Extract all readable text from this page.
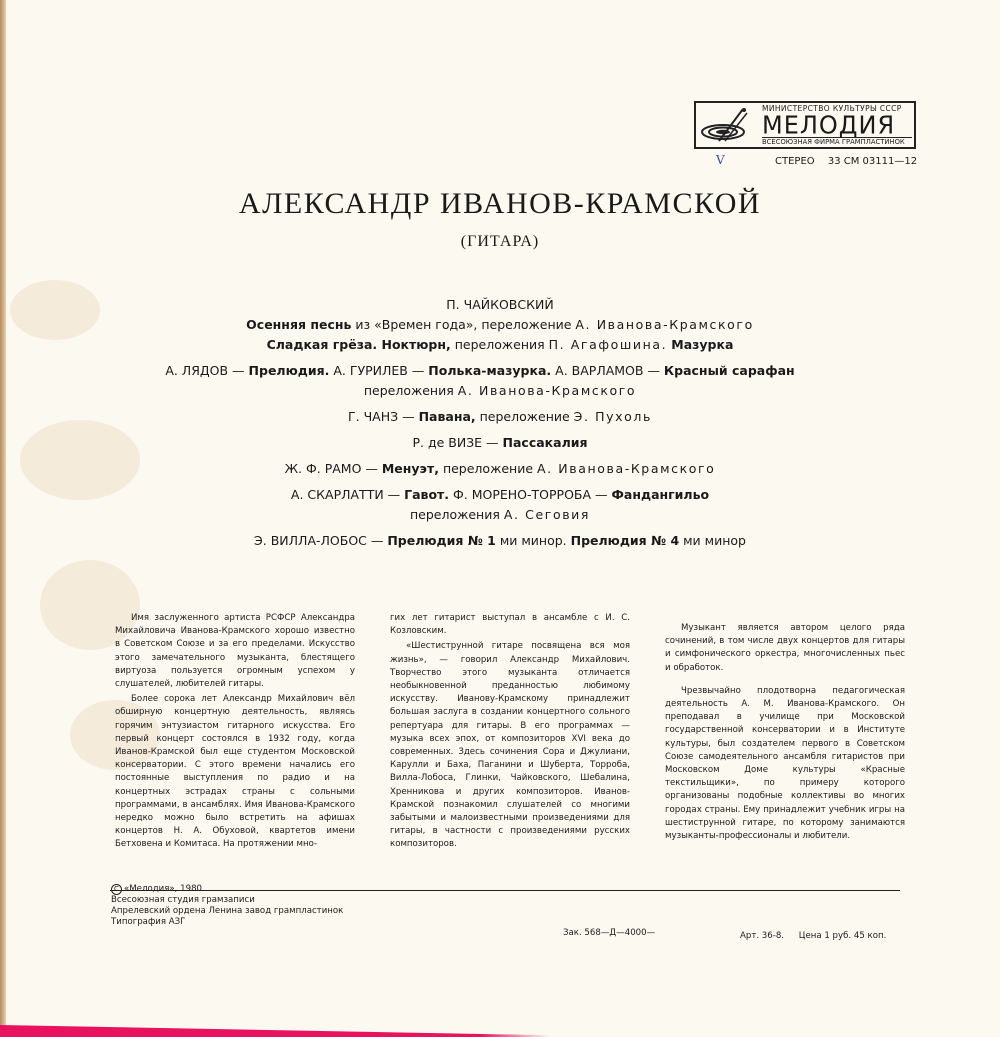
МИНИСТЕРСТВО КУЛЬТУРЫ СССР
МЕЛОДИЯ
ВСЕСОЮЗНАЯ ФИРМА ГРАМПЛАСТИНОК
V	СТЕРЕО 33 СМ 03111—12
АЛЕКСАНДР ИВАНОВ-КРАМСКОЙ
(ГИТАРА)
П. ЧАЙКОВСКИЙ
Осенняя песнь из «Времен года», переложение А. Иванова-Крамского
Сладкая грёза. Ноктюрн, переложения П. Агафошина. Мазурка
А. ЛЯДОВ — Прелюдия. А. ГУРИЛЕВ — Полька-мазурка. А. ВАРЛАМОВ — Красный сарафан
переложения А. Иванова-Крамского
Г. ЧАНЗ — Павана, переложение Э. Пухоль
Р. де ВИЗЕ — Пассакалия
Ж. Ф. РАМО — Менуэт, переложение А. Иванова-Крамского
А. СКАРЛАТТИ — Гавот. Ф. МОРЕНО-ТОРРОБА — Фандангильо
переложения А. Сеговия
Э. ВИЛЛА-ЛОБОС — Прелюдия № 1 ми минор. Прелюдия № 4 ми минор

Имя заслуженного артиста РСФСР Александра Михайловича Иванова-Крамского хорошо известно в Советском Союзе и за его пределами. Искусство этого замечательного музыканта, блестящего виртуоза пользуется огромным успехом у слушателей, любителей гитары.

Более сорока лет Александр Михайлович вёл обширную концертную деятельность, являясь горячим энтузиастом гитарного искусства. Его первый концерт состоялся в 1932 году, когда Иванов-Крамской был еще студентом Московской консерватории. С этого времени начались его постоянные выступления по радио и на концертных эстрадах страны с сольными программами, в ансамблях. Имя Иванова-Крамского нередко можно было встретить на афишах концертов Н. А. Обуховой, квартетов имени Бетховена и Комитаса. На протяжении мно-

гих лет гитарист выступал в ансамбле с И. С. Козловским.

«Шестиструнной гитаре посвящена вся моя жизнь», — говорил Александр Михайлович. Творчество этого музыканта отличается необыкновенной преданностью любимому искусству. Иванову-Крамскому принадлежит большая заслуга в создании концертного сольного репертуара для гитары. В его программах — музыка всех эпох, от композиторов XVI века до современных. Здесь сочинения Сора и Джулиани, Карулли и Баха, Паганини и Шуберта, Торроба, Вилла-Лобоса, Глинки, Чайковского, Шебалина, Хренникова и других композиторов. Иванов-Крамской познакомил слушателей со многими забытыми и малоизвестными произведениями для гитары, в частности с произведениями русских композиторов.

Музыкант является автором целого ряда сочинений, в том числе двух концертов для гитары и симфонического оркестра, многочисленных пьес и обработок.

Чрезвычайно плодотворна педагогическая деятельность А. М. Иванова-Крамского. Он преподавал в училище при Московской государственной консерватории и в Институте культуры, был создателем первого в Советском Союзе самодеятельного ансамбля гитаристов при Московском Доме культуры «Красные текстильщики», по примеру которого организованы подобные коллективы во многих городах страны. Ему принадлежит учебник игры на шестиструнной гитаре, по которому занимаются музыканты-профессионалы и любители.

C «Мелодия», 1980
Всесоюзная студия грамзаписи
Апрелевский ордена Ленина завод грампластинок
Типография АЗГ
Зак. 568—Д—4000—	Арт. 36-8. Цена 1 руб. 45 коп.
